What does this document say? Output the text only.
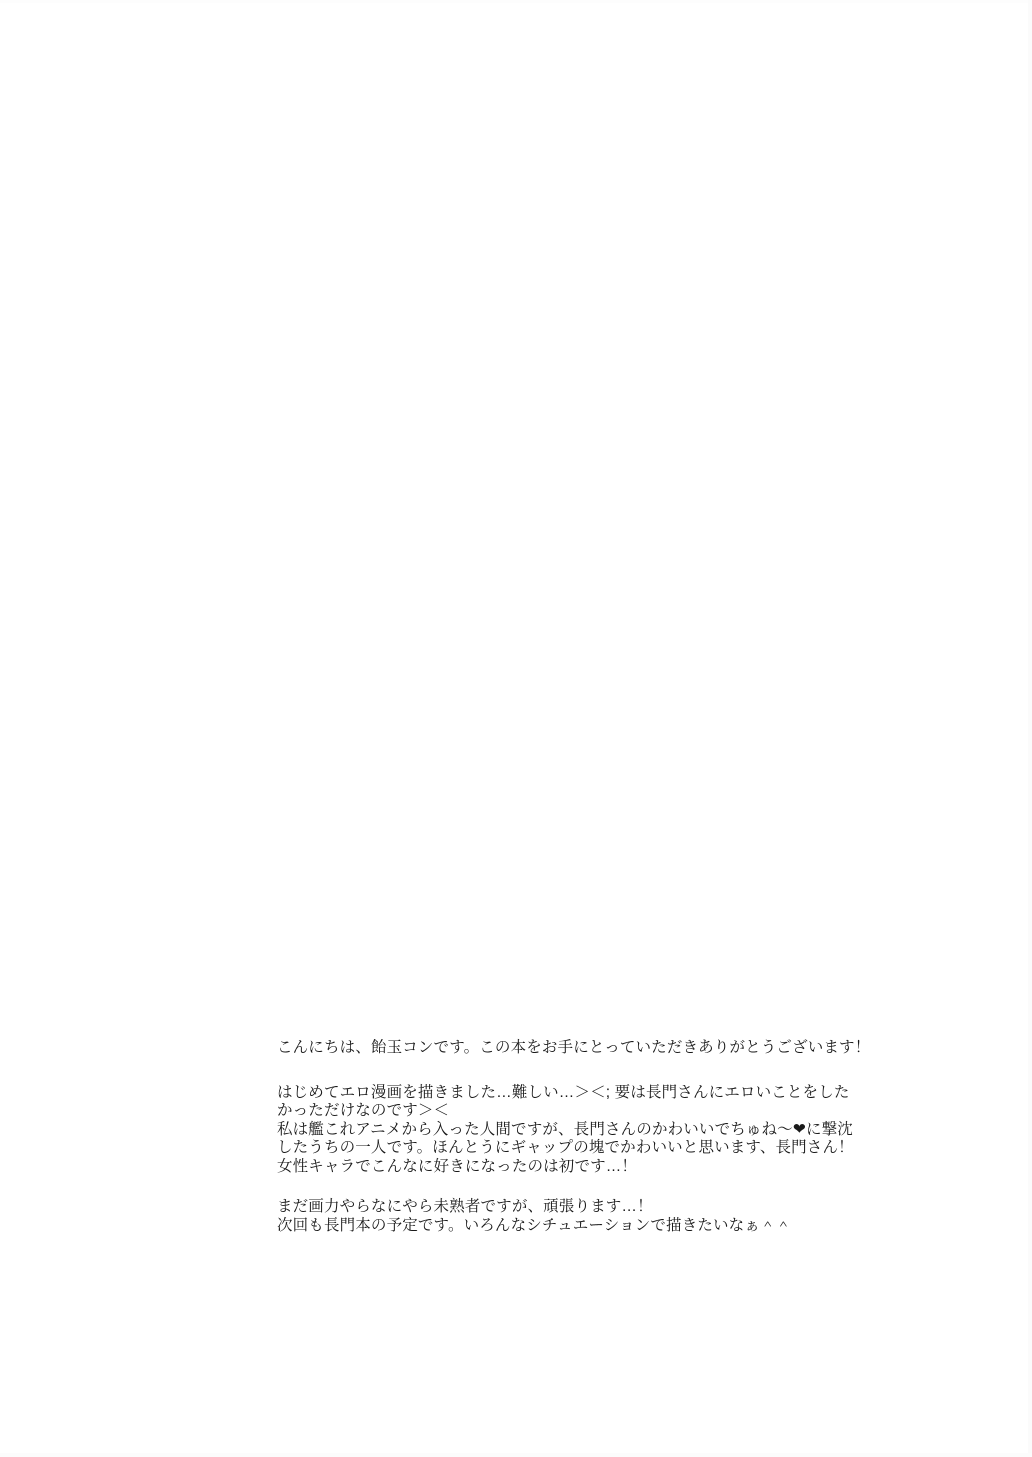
こんにちは、飴玉コンです。この本をお手にとっていただきありがとうございます！

はじめてエロ漫画を描きました…難しい…＞＜; 要は長門さんにエロいことをした
かっただけなのです＞＜
私は艦これアニメから入った人間ですが、長門さんのかわいいでちゅね〜❤に撃沈
したうちの一人です。ほんとうにギャップの塊でかわいいと思います、長門さん！
女性キャラでこんなに好きになったのは初です…！

まだ画力やらなにやら未熟者ですが、頑張ります…！
次回も長門本の予定です。いろんなシチュエーションで描きたいなぁ＾＾
